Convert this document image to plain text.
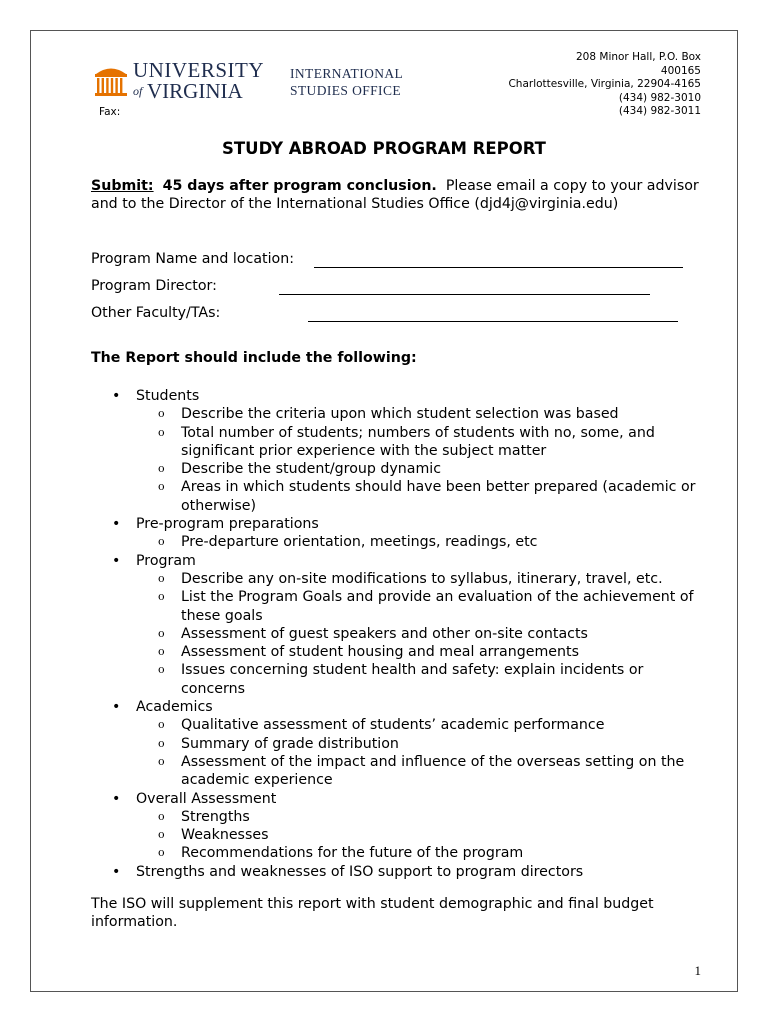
UNIVERSITY
of VIRGINIA
INTERNATIONAL
STUDIES OFFICE
Fax:
208 Minor Hall, P.O. Box
400165
Charlottesville, Virginia, 22904-4165
(434) 982-3010
(434) 982-3011
STUDY ABROAD PROGRAM REPORT

Submit: 45 days after program conclusion. Please email a copy to your advisor and to the Director of the International Studies Office (djd4j@virginia.edu)

Program Name and location:
Program Director:
Other Faculty/TAs:
The Report should include the following:
• Students
o Describe the criteria upon which student selection was based
o Total number of students; numbers of students with no, some, and significant prior experience with the subject matter
o Describe the student/group dynamic
o Areas in which students should have been better prepared (academic or otherwise)
• Pre-program preparations
o Pre-departure orientation, meetings, readings, etc
• Program
o Describe any on-site modifications to syllabus, itinerary, travel, etc.
o List the Program Goals and provide an evaluation of the achievement of these goals
o Assessment of guest speakers and other on-site contacts
o Assessment of student housing and meal arrangements
o Issues concerning student health and safety: explain incidents or concerns
• Academics
o Qualitative assessment of students’ academic performance
o Summary of grade distribution
o Assessment of the impact and influence of the overseas setting on the academic experience
• Overall Assessment
o Strengths
o Weaknesses
o Recommendations for the future of the program
• Strengths and weaknesses of ISO support to program directors
The ISO will supplement this report with student demographic and final budget information.
1
